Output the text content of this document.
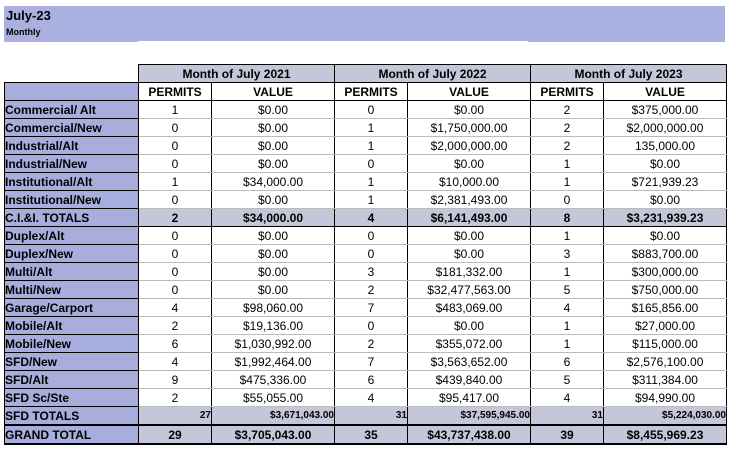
July-23
Monthly
	Month of July 2021		Month of July 2022		Month of July 2023	
	PERMITS	VALUE	PERMITS	VALUE	PERMITS	VALUE
Commercial/ Alt	1	$0.00	0	$0.00	2	$375,000.00
Commercial/New	0	$0.00	1	$1,750,000.00	2	$2,000,000.00
Industrial/Alt	0	$0.00	1	$2,000,000.00	2	135,000.00
Industrial/New	0	$0.00	0	$0.00	1	$0.00
Institutional/Alt	1	$34,000.00	1	$10,000.00	1	$721,939.23
Institutional/New	0	$0.00	1	$2,381,493.00	0	$0.00
C.I.&I. TOTALS	2	$34,000.00	4	$6,141,493.00	8	$3,231,939.23
Duplex/Alt	0	$0.00	0	$0.00	1	$0.00
Duplex/New	0	$0.00	0	$0.00	3	$883,700.00
Multi/Alt	0	$0.00	3	$181,332.00	1	$300,000.00
Multi/New	0	$0.00	2	$32,477,563.00	5	$750,000.00
Garage/Carport	4	$98,060.00	7	$483,069.00	4	$165,856.00
Mobile/Alt	2	$19,136.00	0	$0.00	1	$27,000.00
Mobile/New	6	$1,030,992.00	2	$355,072.00	1	$115,000.00
SFD/New	4	$1,992,464.00	7	$3,563,652.00	6	$2,576,100.00
SFD/Alt	9	$475,336.00	6	$439,840.00	5	$311,384.00
SFD Sc/Ste	2	$55,055.00	4	$95,417.00	4	$94,990.00
SFD TOTALS	27	$3,671,043.00	31	$37,595,945.00	31	$5,224,030.00
GRAND TOTAL	29	$3,705,043.00	35	$43,737,438.00	39	$8,455,969.23
